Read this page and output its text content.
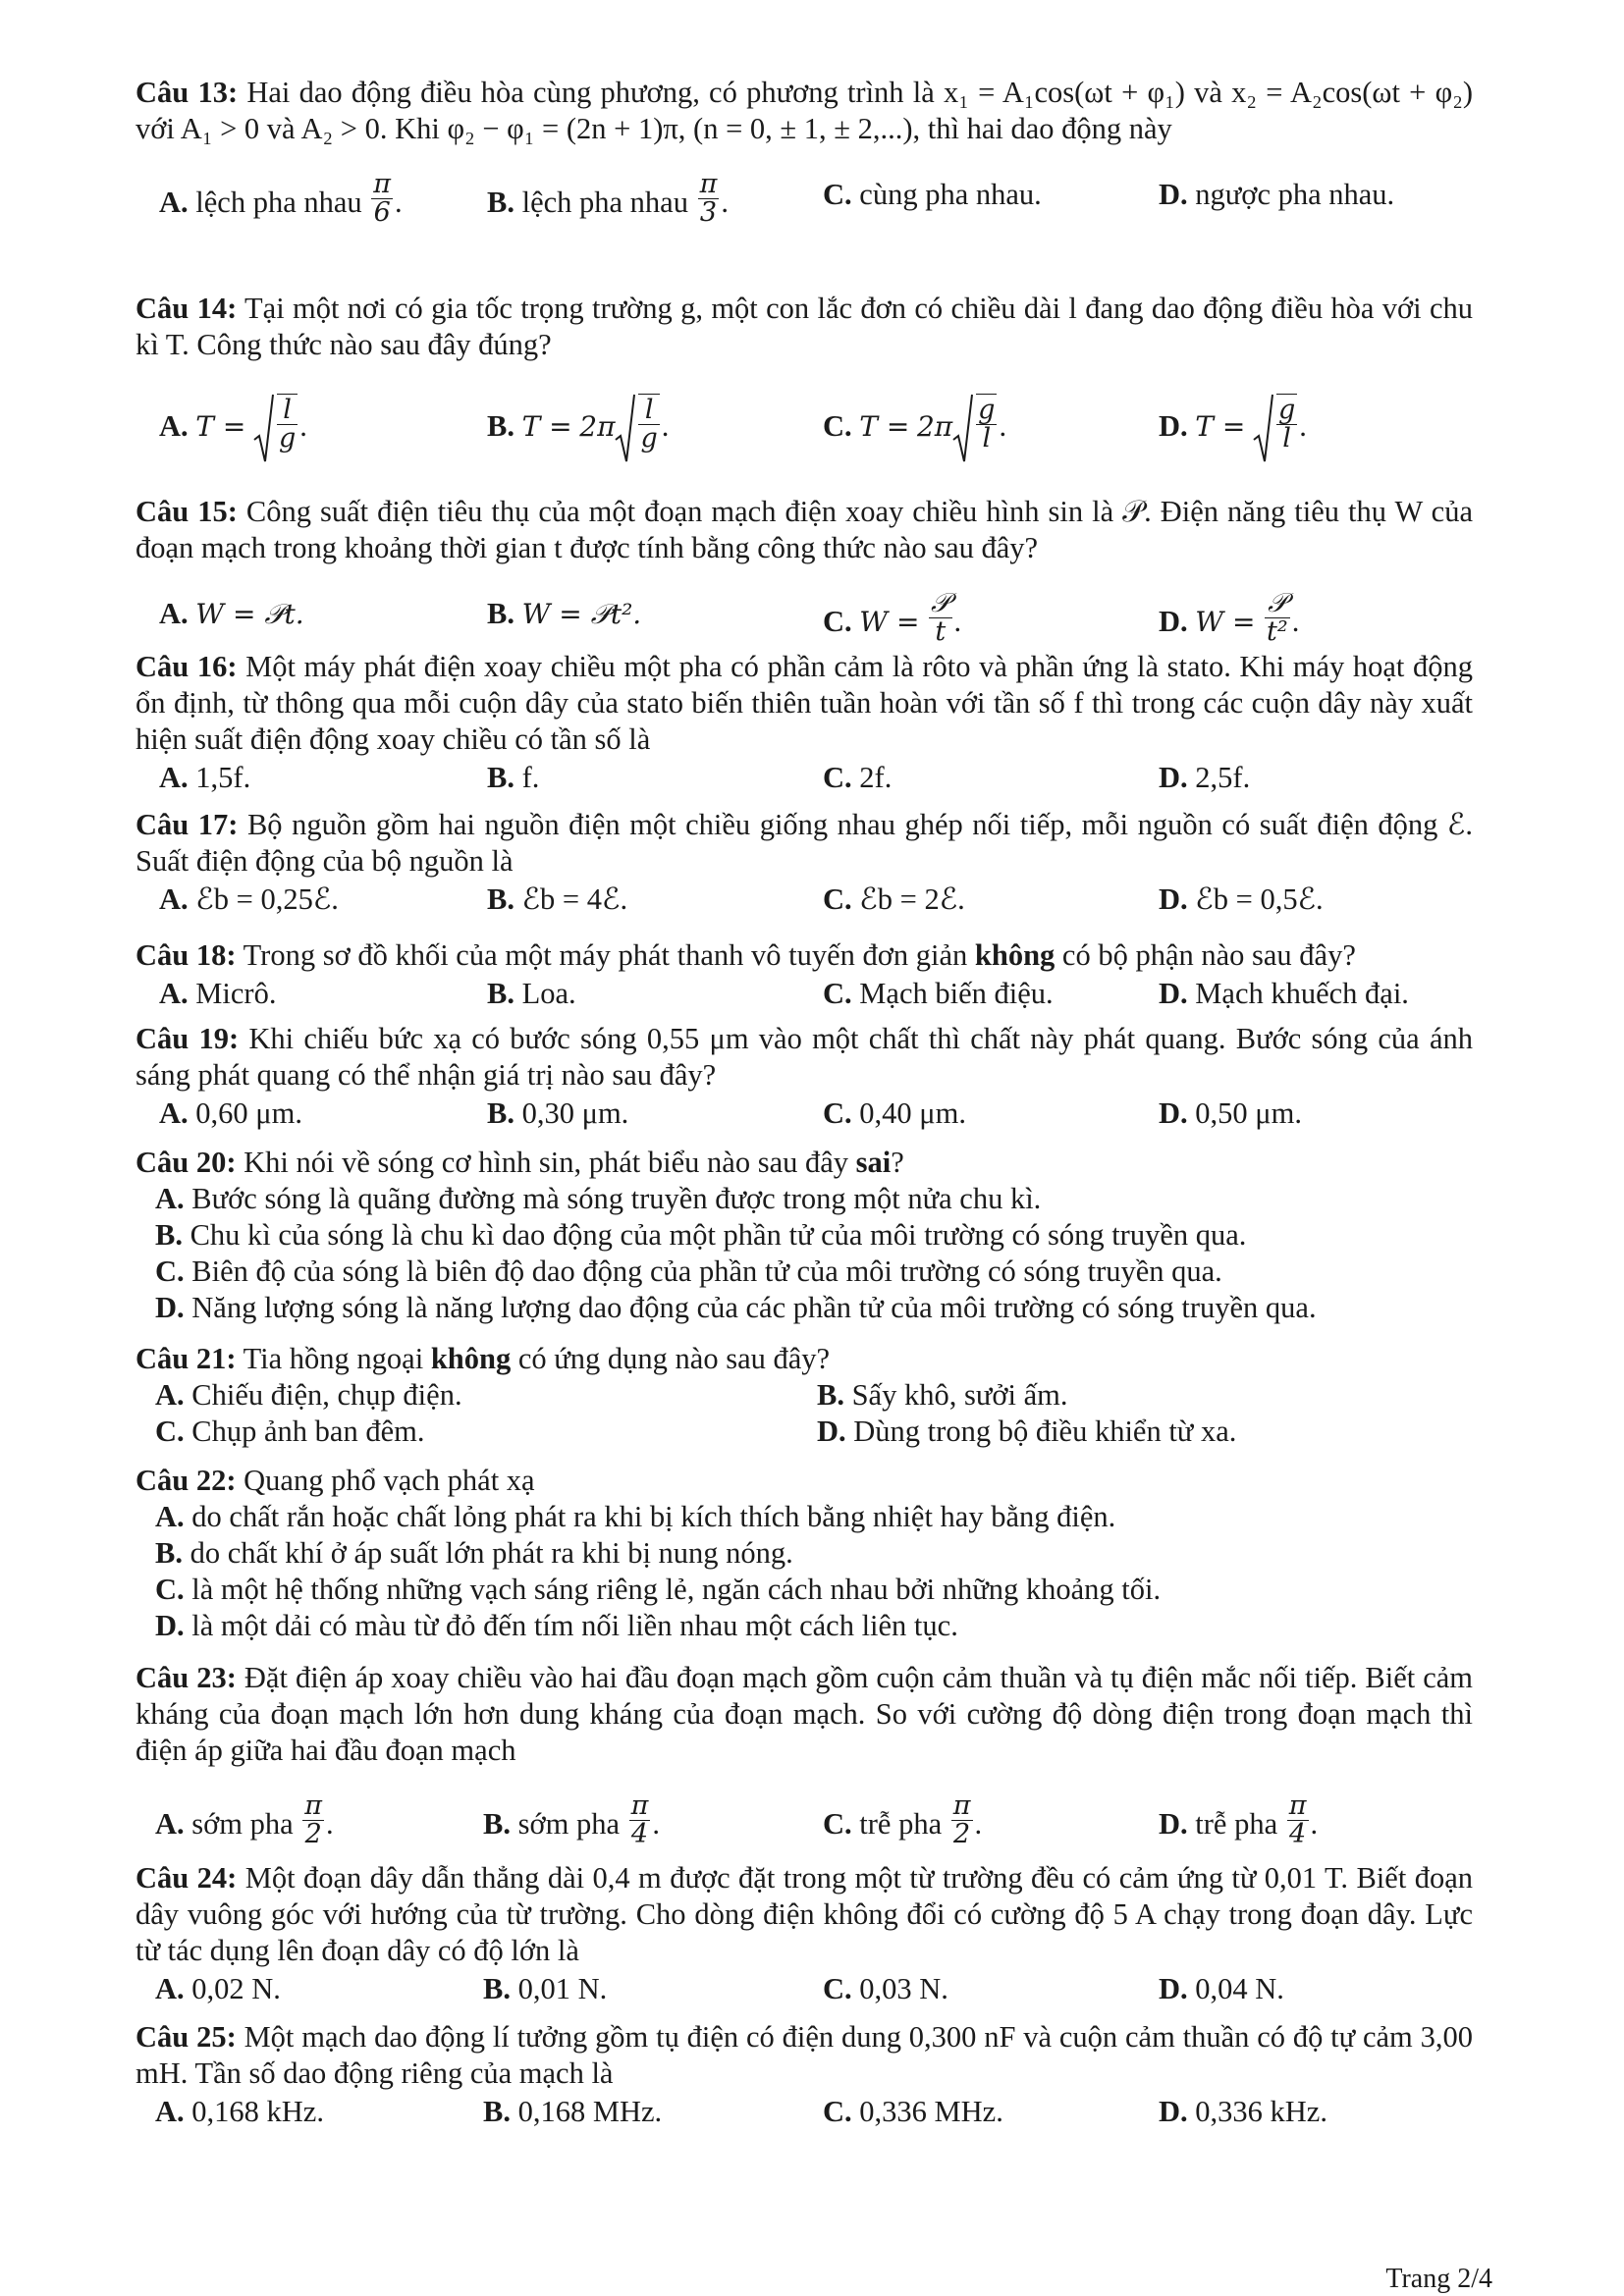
Câu 13: Hai dao động điều hòa cùng phương, có phương trình là x₁ = A₁cos(ωt + φ₁) và x₂ = A₂cos(ωt + φ₂) với A₁ > 0 và A₂ > 0. Khi φ₂ − φ₁ = (2n + 1)π, (n = 0, ± 1, ± 2,...), thì hai dao động này
A. lệch pha nhau $\frac{\pi}{6}$ .	B. lệch pha nhau $\frac{\pi}{3}$ .	C. cùng pha nhau.	D. ngược pha nhau.
Câu 14: Tại một nơi có gia tốc trọng trường g, một con lắc đơn có chiều dài l đang dao động điều hòa với chu kì T. Công thức nào sau đây đúng?
A. $T = \frac{l}{g}$ .	B. $T = 2\pi \frac{l}{g}$ .	C. $T = 2\pi \frac{g}{l}$ .	D. $T = \frac{g}{l}$ .
Câu 15: Công suất điện tiêu thụ của một đoạn mạch điện xoay chiều hình sin là 𝒫. Điện năng tiêu thụ W của đoạn mạch trong khoảng thời gian t được tính bằng công thức nào sau đây?
A. W = 𝒫t.	B. W = 𝒫t².	C. $W = \frac{\text{𝒫}}{t}$ .	D. $W = \frac{\text{𝒫}}{\text{t²}}$ .
Câu 16: Một máy phát điện xoay chiều một pha có phần cảm là rôto và phần ứng là stato. Khi máy hoạt động ổn định, từ thông qua mỗi cuộn dây của stato biến thiên tuần hoàn với tần số f thì trong các cuộn dây này xuất hiện suất điện động xoay chiều có tần số là
A. 1,5f.	B. f.	C. 2f.	D. 2,5f.
Câu 17: Bộ nguồn gồm hai nguồn điện một chiều giống nhau ghép nối tiếp, mỗi nguồn có suất điện động ℰ. Suất điện động của bộ nguồn là
A. ℰb = 0,25ℰ.	B. ℰb = 4ℰ.	C. ℰb = 2ℰ.	D. ℰb = 0,5ℰ.
Câu 18: Trong sơ đồ khối của một máy phát thanh vô tuyến đơn giản không có bộ phận nào sau đây?
A. Micrô.	B. Loa.	C. Mạch biến điệu.	D. Mạch khuếch đại.
Câu 19: Khi chiếu bức xạ có bước sóng 0,55 μm vào một chất thì chất này phát quang. Bước sóng của ánh sáng phát quang có thể nhận giá trị nào sau đây?
A. 0,60 μm.	B. 0,30 μm.	C. 0,40 μm.	D. 0,50 μm.
Câu 20: Khi nói về sóng cơ hình sin, phát biểu nào sau đây sai?
A. Bước sóng là quãng đường mà sóng truyền được trong một nửa chu kì.
B. Chu kì của sóng là chu kì dao động của một phần tử của môi trường có sóng truyền qua.
C. Biên độ của sóng là biên độ dao động của phần tử của môi trường có sóng truyền qua.
D. Năng lượng sóng là năng lượng dao động của các phần tử của môi trường có sóng truyền qua.
Câu 21: Tia hồng ngoại không có ứng dụng nào sau đây?
A. Chiếu điện, chụp điện.	B. Sấy khô, sưởi ấm.
C. Chụp ảnh ban đêm.	D. Dùng trong bộ điều khiển từ xa.
Câu 22: Quang phổ vạch phát xạ
A. do chất rắn hoặc chất lỏng phát ra khi bị kích thích bằng nhiệt hay bằng điện.
B. do chất khí ở áp suất lớn phát ra khi bị nung nóng.
C. là một hệ thống những vạch sáng riêng lẻ, ngăn cách nhau bởi những khoảng tối.
D. là một dải có màu từ đỏ đến tím nối liền nhau một cách liên tục.
Câu 23: Đặt điện áp xoay chiều vào hai đầu đoạn mạch gồm cuộn cảm thuần và tụ điện mắc nối tiếp. Biết cảm kháng của đoạn mạch lớn hơn dung kháng của đoạn mạch. So với cường độ dòng điện trong đoạn mạch thì điện áp giữa hai đầu đoạn mạch
A. sớm pha $\frac{\pi}{2}$ .	B. sớm pha $\frac{\pi}{4}$ .	C. trễ pha $\frac{\pi}{2}$ .	D. trễ pha $\frac{\pi}{4}$ .
Câu 24: Một đoạn dây dẫn thẳng dài 0,4 m được đặt trong một từ trường đều có cảm ứng từ 0,01 T. Biết đoạn dây vuông góc với hướng của từ trường. Cho dòng điện không đổi có cường độ 5 A chạy trong đoạn dây. Lực từ tác dụng lên đoạn dây có độ lớn là
A. 0,02 N.	B. 0,01 N.	C. 0,03 N.	D. 0,04 N.
Câu 25: Một mạch dao động lí tưởng gồm tụ điện có điện dung 0,300 nF và cuộn cảm thuần có độ tự cảm 3,00 mH. Tần số dao động riêng của mạch là
A. 0,168 kHz.	B. 0,168 MHz.	C. 0,336 MHz.	D. 0,336 kHz.
Trang 2/4
